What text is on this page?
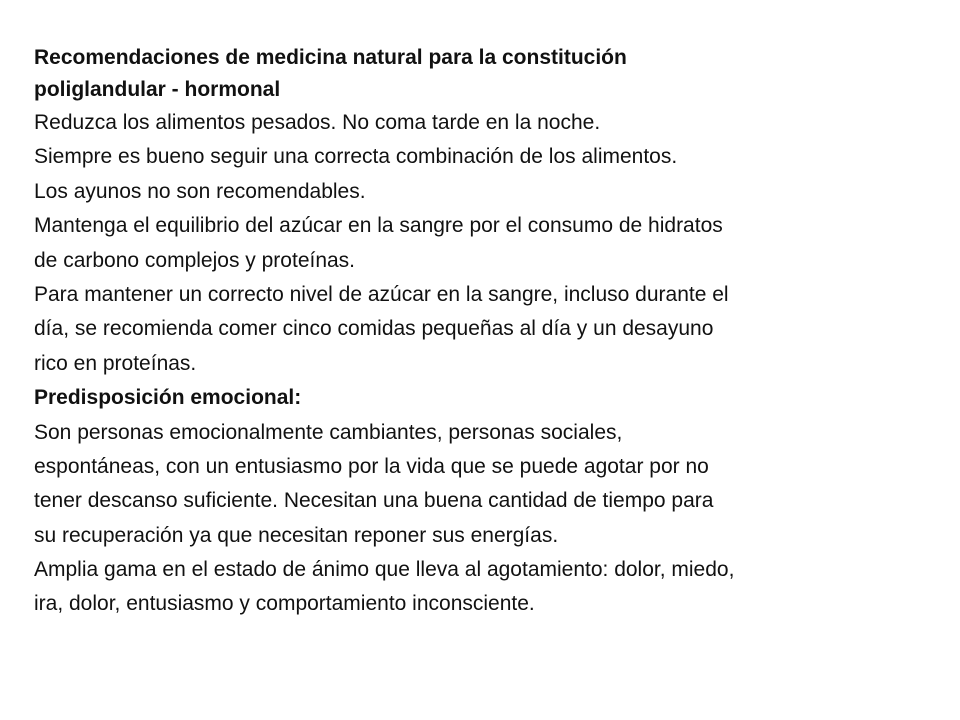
Recomendaciones de medicina natural para la constitución
poliglandular - hormonal
Reduzca los alimentos pesados. No coma tarde en la noche.
Siempre es bueno seguir una correcta combinación de los alimentos.
Los ayunos no son recomendables.
Mantenga el equilibrio del azúcar en la sangre por el consumo de hidratos
de carbono complejos y proteínas.
Para mantener un correcto nivel de azúcar en la sangre, incluso durante el
día, se recomienda comer cinco comidas pequeñas al día y un desayuno
rico en proteínas.
Predisposición emocional:
Son personas emocionalmente cambiantes, personas sociales,
espontáneas, con un entusiasmo por la vida que se puede agotar por no
tener descanso suficiente. Necesitan una buena cantidad de tiempo para
su recuperación ya que necesitan reponer sus energías.
Amplia gama en el estado de ánimo que lleva al agotamiento: dolor, miedo,
ira, dolor, entusiasmo y comportamiento inconsciente.
